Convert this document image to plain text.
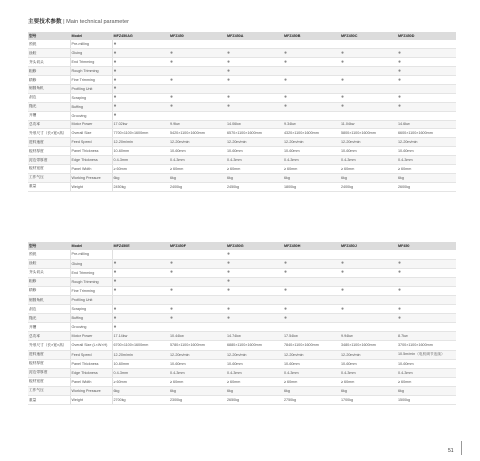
主要技术参数 | Main technical parameter
型号	Model	MFZ450AG	MFZ450	MFZ450A	MFZ450B	MFZ450C	MFZ450D
预铣	Pre-milling	●					
涂胶	Gluing	●	●	●	●	●	●
齐头切头	End Trimming	●	●	●	●	●	●
粗修	Rough Trimming	●		●			●
精修	Fine Trimming	●	●	●	●	●	●
倒圆角机	Profiling Unit	●					
刮边	Scraping	●	●	●	●	●	●
抛光	Buffing	●	●	●	●	●	●
开槽	Grooving	●					
总功率	Motor Power	17.02kw	9.9kw	14.06kw	9.34kw	11.04kw	14.6kw
外形尺寸（长×宽×高）	Overall Size	7700×1100×1600mm	5420×1100×1600mm	6570×1100×1600mm	4320×1100×1600mm	5800×1100×1600mm	6600×1100×1600mm
进料速度	Feed Speed	12-20m/min	12-20m/min	12-20m/min	12-20m/min	12-20m/min	12-20m/min
板材厚度	Panel Thickness	10-60mm	10-60mm	10-60mm	10-60mm	10-60mm	10-60mm
封边带厚度	Edge Thickness	0.4-3mm	0.4-3mm	0.4-3mm	0.4-3mm	0.4-3mm	0.4-3mm
板材宽度	Panel Width	≥ 60mm	≥ 60mm	≥ 60mm	≥ 60mm	≥ 60mm	≥ 60mm
工作气压	Working Pressure	6kg	6kg	6kg	6kg	6kg	6kg
重量	Weight	2450kg	2400kg	2450kg	1800kg	2400kg	2600kg
型号	Model	MFZ450E	MFZ450F	MFZ450G	MFZ450H	MFZ450J	MF450
预铣	Pre-milling			●			
涂胶	Gluing	●	●	●	●	●	●
齐头切头	End Trimming	●	●	●	●	●	●
粗修	Rough Trimming	●		●			
精修	Fine Trimming	●	●	●	●	●	●
倒圆角机	Profiling Unit						
刮边	Scraping	●	●	●	●	●	●
抛光	Buffing	●	●	●	●		●
开槽	Grooving	●					
总功率	Motor Power	17.14kw	10.44kw	14.74kw	17.54kw	9.94kw	8.7kw
外形尺寸（长×宽×高）	Overall Size (L×W×H)	6700×1100×1600mm	5780×1100×1600mm	6880×1100×1600mm	7840×1100×1600mm	3480×1100×1600mm	3700×1100×1600mm
进料速度	Feed Speed	12-20m/min	12-20m/min	12-20m/min	12-20m/min	12-20m/min	10.5m/min（电机调节连续）
板材厚度	Panel Thickness	10-60mm	10-60mm	10-60mm	10-60mm	10-60mm	10-60mm
封边带厚度	Edge Thickness	0.4-3mm	0.4-3mm	0.4-3mm	0.4-3mm	0.4-3mm	0.4-3mm
板材宽度	Panel Width	≥ 60mm	≥ 60mm	≥ 60mm	≥ 60mm	≥ 60mm	≥ 60mm
工作气压	Working Pressure	6kg	6kg	6kg	6kg	6kg	6kg
重量	Weight	2700kg	2300kg	2650kg	2750kg	1700kg	1500kg
51
